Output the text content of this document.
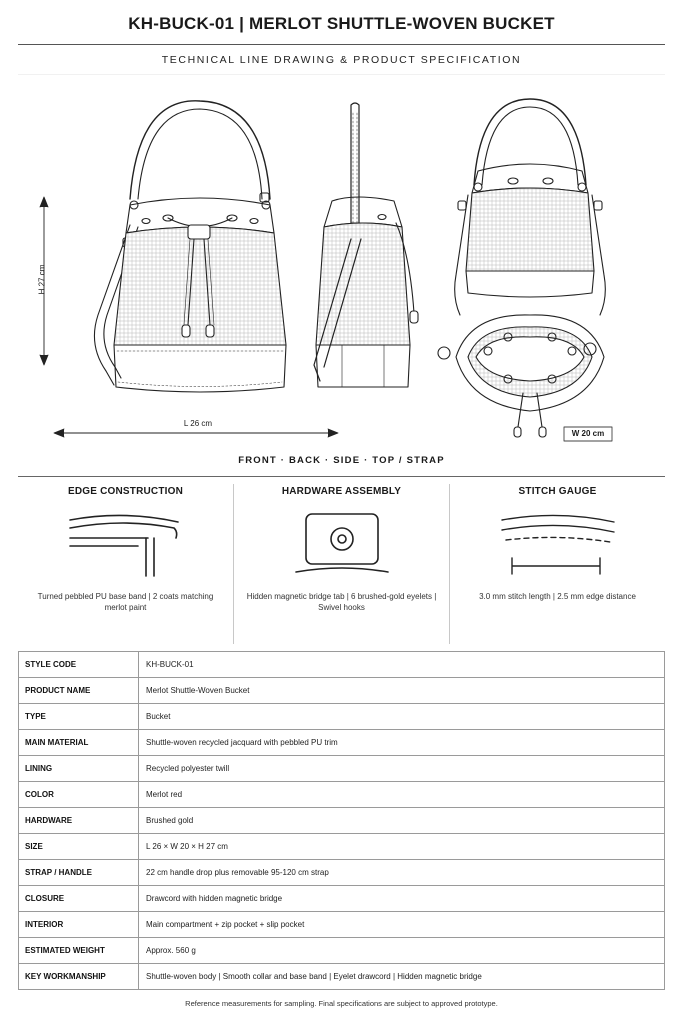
KH-BUCK-01 | MERLOT SHUTTLE-WOVEN BUCKET
TECHNICAL LINE DRAWING & PRODUCT SPECIFICATION
H 27 cm
L 26 cm
W 20 cm
FRONT · BACK · SIDE · TOP / STRAP
EDGE CONSTRUCTION

Turned pebbled PU base band | 2 coats matching merlot paint

HARDWARE ASSEMBLY

Hidden magnetic bridge tab | 6 brushed-gold eyelets | Swivel hooks

STITCH GAUGE

3.0 mm stitch length | 2.5 mm edge distance

STYLE CODE	KH-BUCK-01
PRODUCT NAME	Merlot Shuttle-Woven Bucket
TYPE	Bucket
MAIN MATERIAL	Shuttle-woven recycled jacquard with pebbled PU trim
LINING	Recycled polyester twill
COLOR	Merlot red
HARDWARE	Brushed gold
SIZE	L 26 × W 20 × H 27 cm
STRAP / HANDLE	22 cm handle drop plus removable 95-120 cm strap
CLOSURE	Drawcord with hidden magnetic bridge
INTERIOR	Main compartment + zip pocket + slip pocket
ESTIMATED WEIGHT	Approx. 560 g
KEY WORKMANSHIP	Shuttle-woven body | Smooth collar and base band | Eyelet drawcord | Hidden magnetic bridge
Reference measurements for sampling. Final specifications are subject to approved prototype.
